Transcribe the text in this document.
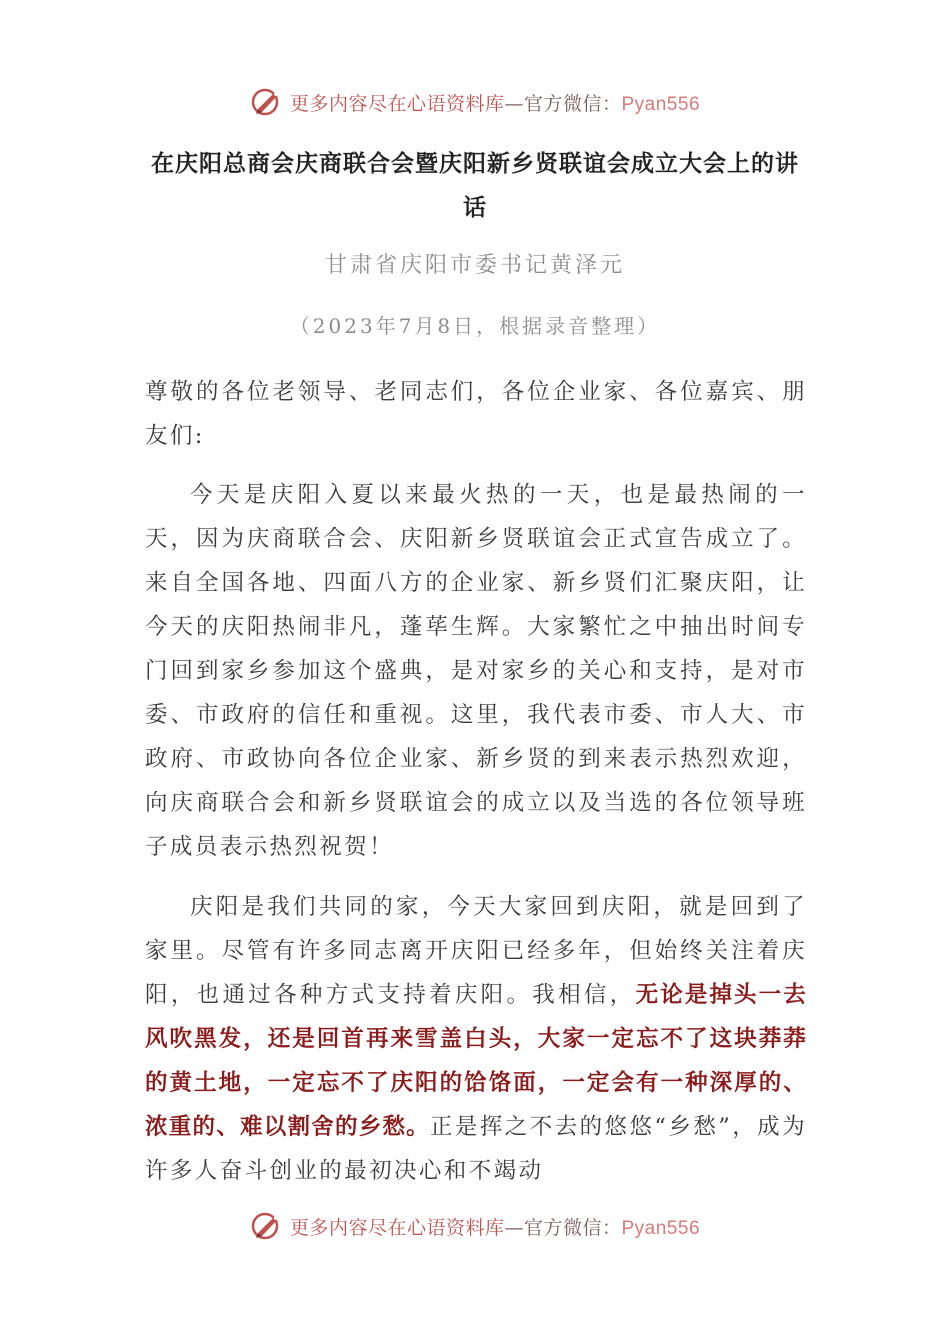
更多内容尽在心语资料库—官方微信：Pyan556
在庆阳总商会庆商联合会暨庆阳新乡贤联谊会成立大会上的讲话
甘肃省庆阳市委书记黄泽元
（2023年7月8日，根据录音整理）
尊敬的各位老领导、老同志们，各位企业家、各位嘉宾、朋友们:
今天是庆阳入夏以来最火热的一天，也是最热闹的一天，因为庆商联合会、庆阳新乡贤联谊会正式宣告成立了。来自全国各地、四面八方的企业家、新乡贤们汇聚庆阳，让今天的庆阳热闹非凡，蓬荜生辉。大家繁忙之中抽出时间专门回到家乡参加这个盛典，是对家乡的关心和支持，是对市委、市政府的信任和重视。这里，我代表市委、市人大、市政府、市政协向各位企业家、新乡贤的到来表示热烈欢迎，向庆商联合会和新乡贤联谊会的成立以及当选的各位领导班子成员表示热烈祝贺！
庆阳是我们共同的家，今天大家回到庆阳，就是回到了家里。尽管有许多同志离开庆阳已经多年，但始终关注着庆阳，也通过各种方式支持着庆阳。我相信，无论是掉头一去风吹黑发，还是回首再来雪盖白头，大家一定忘不了这块莽莽的黄土地，一定忘不了庆阳的饸饹面，一定会有一种深厚的、浓重的、难以割舍的乡愁。正是挥之不去的悠悠“乡愁”，成为许多人奋斗创业的最初决心和不竭动
更多内容尽在心语资料库—官方微信：Pyan556
